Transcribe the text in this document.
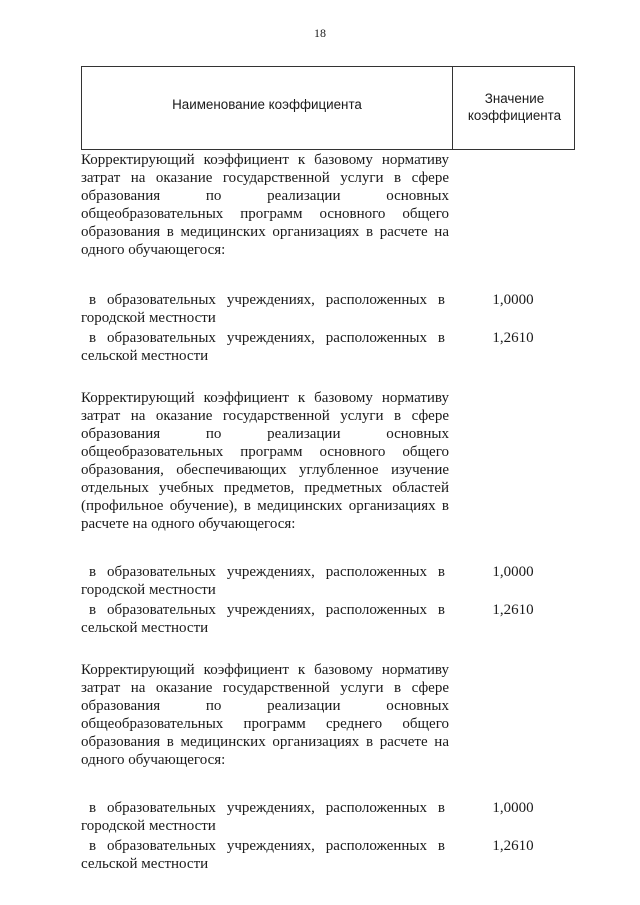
18
Наименование коэффициента	Значение
коэффициента

Корректирующий коэффициент к базовому нормативу затрат на оказание государственной услуги в сфере образования по реализации основных общеобразовательных программ основного общего образования в медицинских организациях в расчете на одного обучающегося:

в образовательных учреждениях, расположенных в городской местности

1,0000

в образовательных учреждениях, расположенных в сельской местности

1,2610

Корректирующий коэффициент к базовому нормативу затрат на оказание государственной услуги в сфере образования по реализации основных общеобразовательных программ основного общего образования, обеспечивающих углубленное изучение отдельных учебных предметов, предметных областей (профильное обучение), в медицинских организациях в расчете на одного обучающегося:

в образовательных учреждениях, расположенных в городской местности

1,0000

в образовательных учреждениях, расположенных в сельской местности

1,2610

Корректирующий коэффициент к базовому нормативу затрат на оказание государственной услуги в сфере образования по реализации основных общеобразовательных программ среднего общего образования в медицинских организациях в расчете на одного обучающегося:

в образовательных учреждениях, расположенных в городской местности

1,0000

в образовательных учреждениях, расположенных в сельской местности

1,2610
